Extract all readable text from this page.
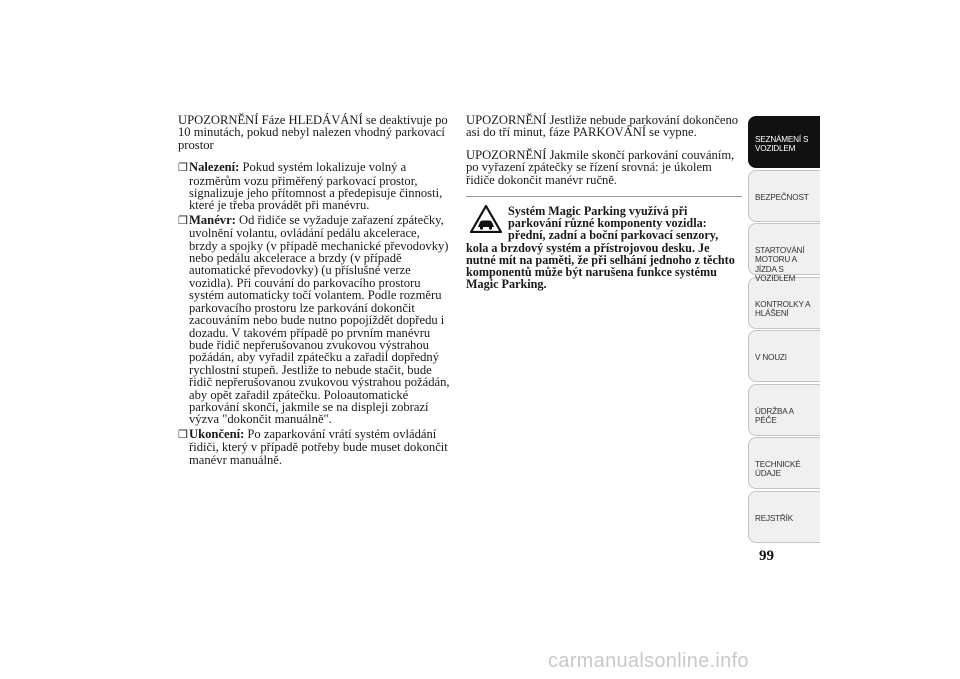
UPOZORNĚNÍ Fáze HLEDÁVÁNÍ se deaktivuje po 10 minutách, pokud nebyl nalezen vhodný parkovací prostor

❐Nalezení: Pokud systém lokalizuje volný a rozměrům vozu přiměřený parkovací prostor, signalizuje jeho přítomnost a předepisuje činnosti, které je třeba provádět při manévru.

❐Manévr: Od řidiče se vyžaduje zařazení zpátečky, uvolnění volantu, ovládání pedálu akcelerace, brzdy a spojky (v případě mechanické převodovky) nebo pedálu akcelerace a brzdy (v případě automatické převodovky) (u příslušné verze vozidla). Při couvání do parkovacího prostoru systém automaticky točí volantem. Podle rozměru parkovacího prostoru lze parkování dokončit zacouváním nebo bude nutno popojíždět dopředu i dozadu. V takovém případě po prvním manévru bude řidič nepřerušovanou zvukovou výstrahou požádán, aby vyřadil zpátečku a zařadil dopředný rychlostní stupeň. Jestliže to nebude stačit, bude řidič nepřerušovanou zvukovou výstrahou požádán, aby opět zařadil zpátečku. Poloautomatické parkování skončí, jakmile se na displeji zobrazí výzva "dokončit manuálně".

❐Ukončení: Po zaparkování vrátí systém ovládání řidiči, který v případě potřeby bude muset dokončit manévr manuálně.

UPOZORNĚNÍ Jestliže nebude parkování dokončeno asi do tří minut, fáze PARKOVÁNÍ se vypne.

UPOZORNĚNÍ Jakmile skončí parkování couváním, po vyřazení zpátečky se řízení srovná: je úkolem řidiče dokončit manévr ručně.

Systém Magic Parking využívá při parkování různé komponenty vozidla: přední, zadní a boční parkovací senzory,
kola a brzdový systém a přístrojovou desku. Je nutné mít na paměti, že při selhání jednoho z těchto komponentů může být narušena funkce systému Magic Parking.
SEZNÁMENÍ S VOZIDLEM
BEZPEČNOST
STARTOVÁNÍ MOTORU A JÍZDA S VOZIDLEM
KONTROLKY A HLÁŠENÍ
V NOUZI
ÚDRŽBA A PÉČE
TECHNICKÉ ÚDAJE
REJSTŘÍK
99
carmanualsonline.info
